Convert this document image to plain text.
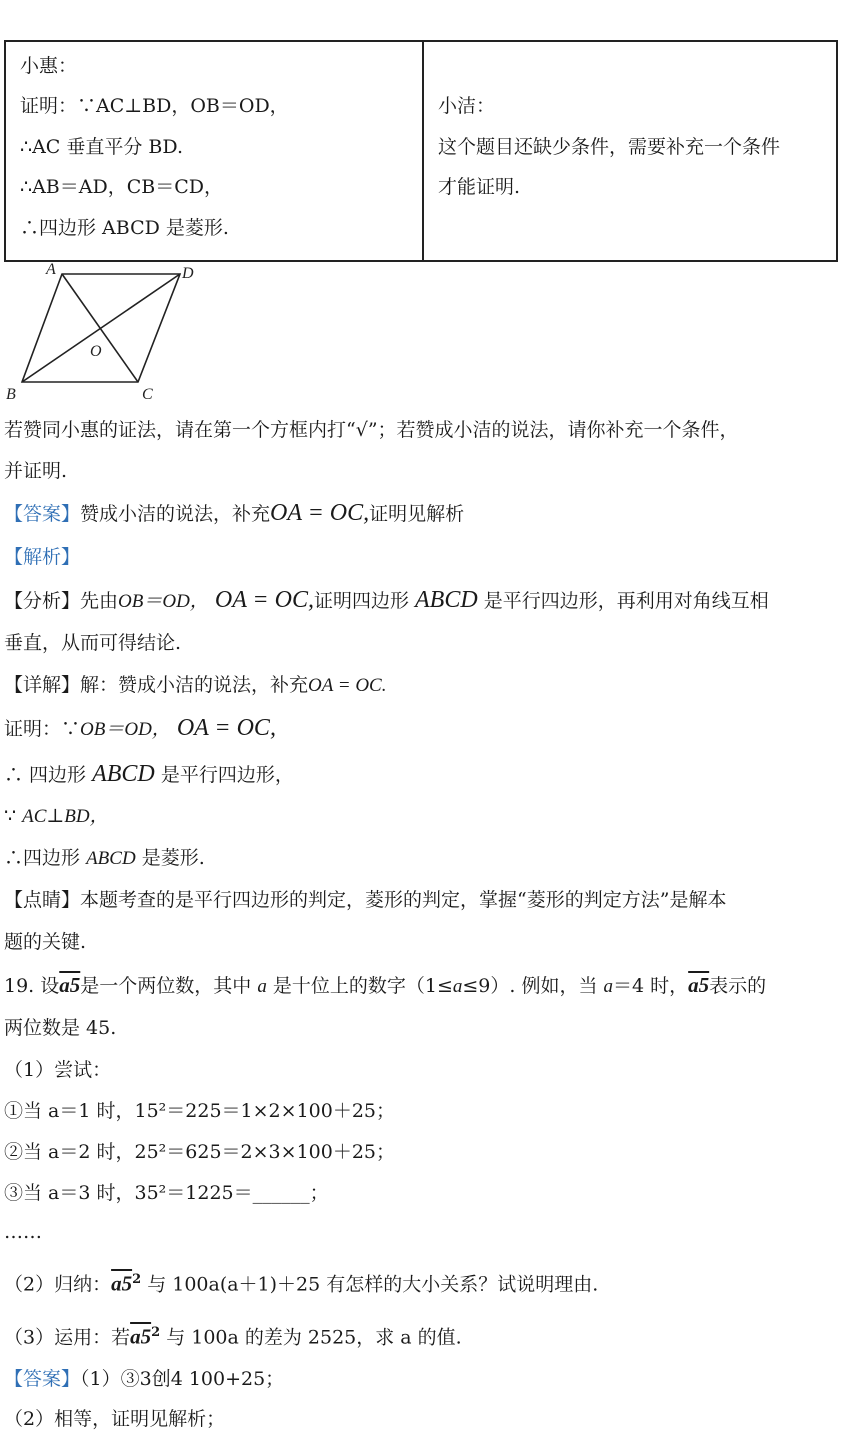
小惠：
证明：∵AC⊥BD，OB＝OD，
∴AC 垂直平分 BD.
∴AB＝AD，CB＝CD，
∴四边形 ABCD 是菱形.

小洁：
这个题目还缺少条件，需要补充一个条件
才能证明.
A	D
O
B	C
若赞同小惠的证法，请在第一个方框内打“√”；若赞成小洁的说法，请你补充一个条件，
并证明.
【答案】赞成小洁的说法，补充OA = OC,证明见解析
【解析】
【分析】先由OB＝OD， OA = OC,证明四边形 ABCD 是平行四边形，再利用对角线互相
垂直，从而可得结论.
【详解】解：赞成小洁的说法，补充OA = OC.
证明：∵OB＝OD， OA = OC,
∴ 四边形 ABCD 是平行四边形，
∵ AC⊥BD，
∴四边形 ABCD 是菱形.
【点睛】本题考查的是平行四边形的判定，菱形的判定，掌握“菱形的判定方法”是解本
题的关键.
19. 设a5是一个两位数，其中 a 是十位上的数字（1≤a≤9）. 例如，当 a＝4 时，a5表示的
两位数是 45.
（1）尝试：
①当 a＝1 时，15²＝225＝1×2×100＋25；
②当 a＝2 时，25²＝625＝2×3×100＋25；
③当 a＝3 时，35²＝1225＝______；
……
（2）归纳：$a5^2$ 与 100a(a＋1)＋25 有怎样的大小关系？试说明理由.
（3）运用：若$a5^2$ 与 100a 的差为 2525，求 a 的值.
【答案】（1）③3创4 100+25；
（2）相等，证明见解析；
